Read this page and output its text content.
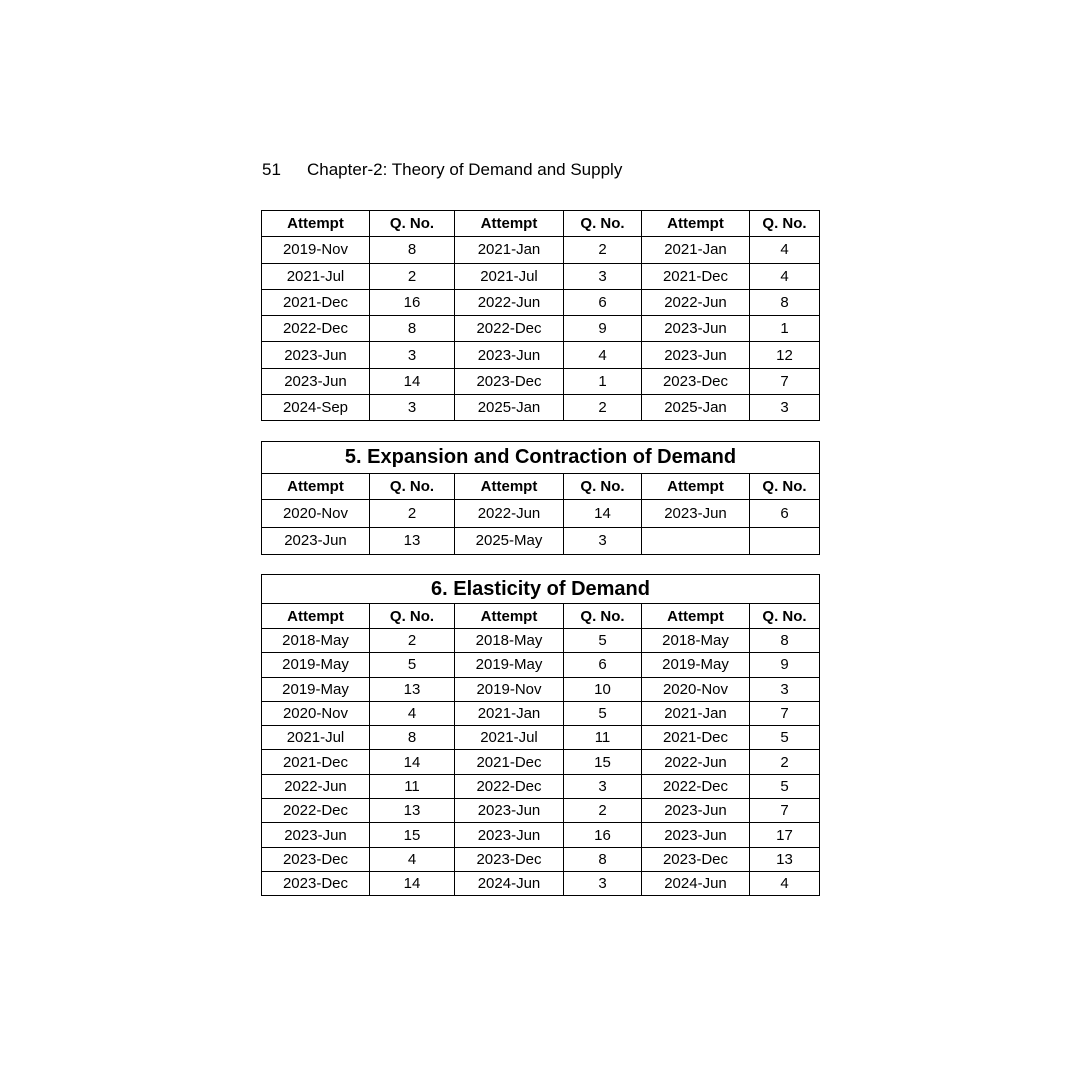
51 Chapter-2: Theory of Demand and Supply
Attempt	Q. No.	Attempt	Q. No.	Attempt	Q. No.
2019-Nov	8	2021-Jan	2	2021-Jan	4
2021-Jul	2	2021-Jul	3	2021-Dec	4
2021-Dec	16	2022-Jun	6	2022-Jun	8
2022-Dec	8	2022-Dec	9	2023-Jun	1
2023-Jun	3	2023-Jun	4	2023-Jun	12
2023-Jun	14	2023-Dec	1	2023-Dec	7
2024-Sep	3	2025-Jan	2	2025-Jan	3
5. Expansion and Contraction of Demand					
Attempt	Q. No.	Attempt	Q. No.	Attempt	Q. No.
2020-Nov	2	2022-Jun	14	2023-Jun	6
2023-Jun	13	2025-May	3		
6. Elasticity of Demand					
Attempt	Q. No.	Attempt	Q. No.	Attempt	Q. No.
2018-May	2	2018-May	5	2018-May	8
2019-May	5	2019-May	6	2019-May	9
2019-May	13	2019-Nov	10	2020-Nov	3
2020-Nov	4	2021-Jan	5	2021-Jan	7
2021-Jul	8	2021-Jul	11	2021-Dec	5
2021-Dec	14	2021-Dec	15	2022-Jun	2
2022-Jun	11	2022-Dec	3	2022-Dec	5
2022-Dec	13	2023-Jun	2	2023-Jun	7
2023-Jun	15	2023-Jun	16	2023-Jun	17
2023-Dec	4	2023-Dec	8	2023-Dec	13
2023-Dec	14	2024-Jun	3	2024-Jun	4
